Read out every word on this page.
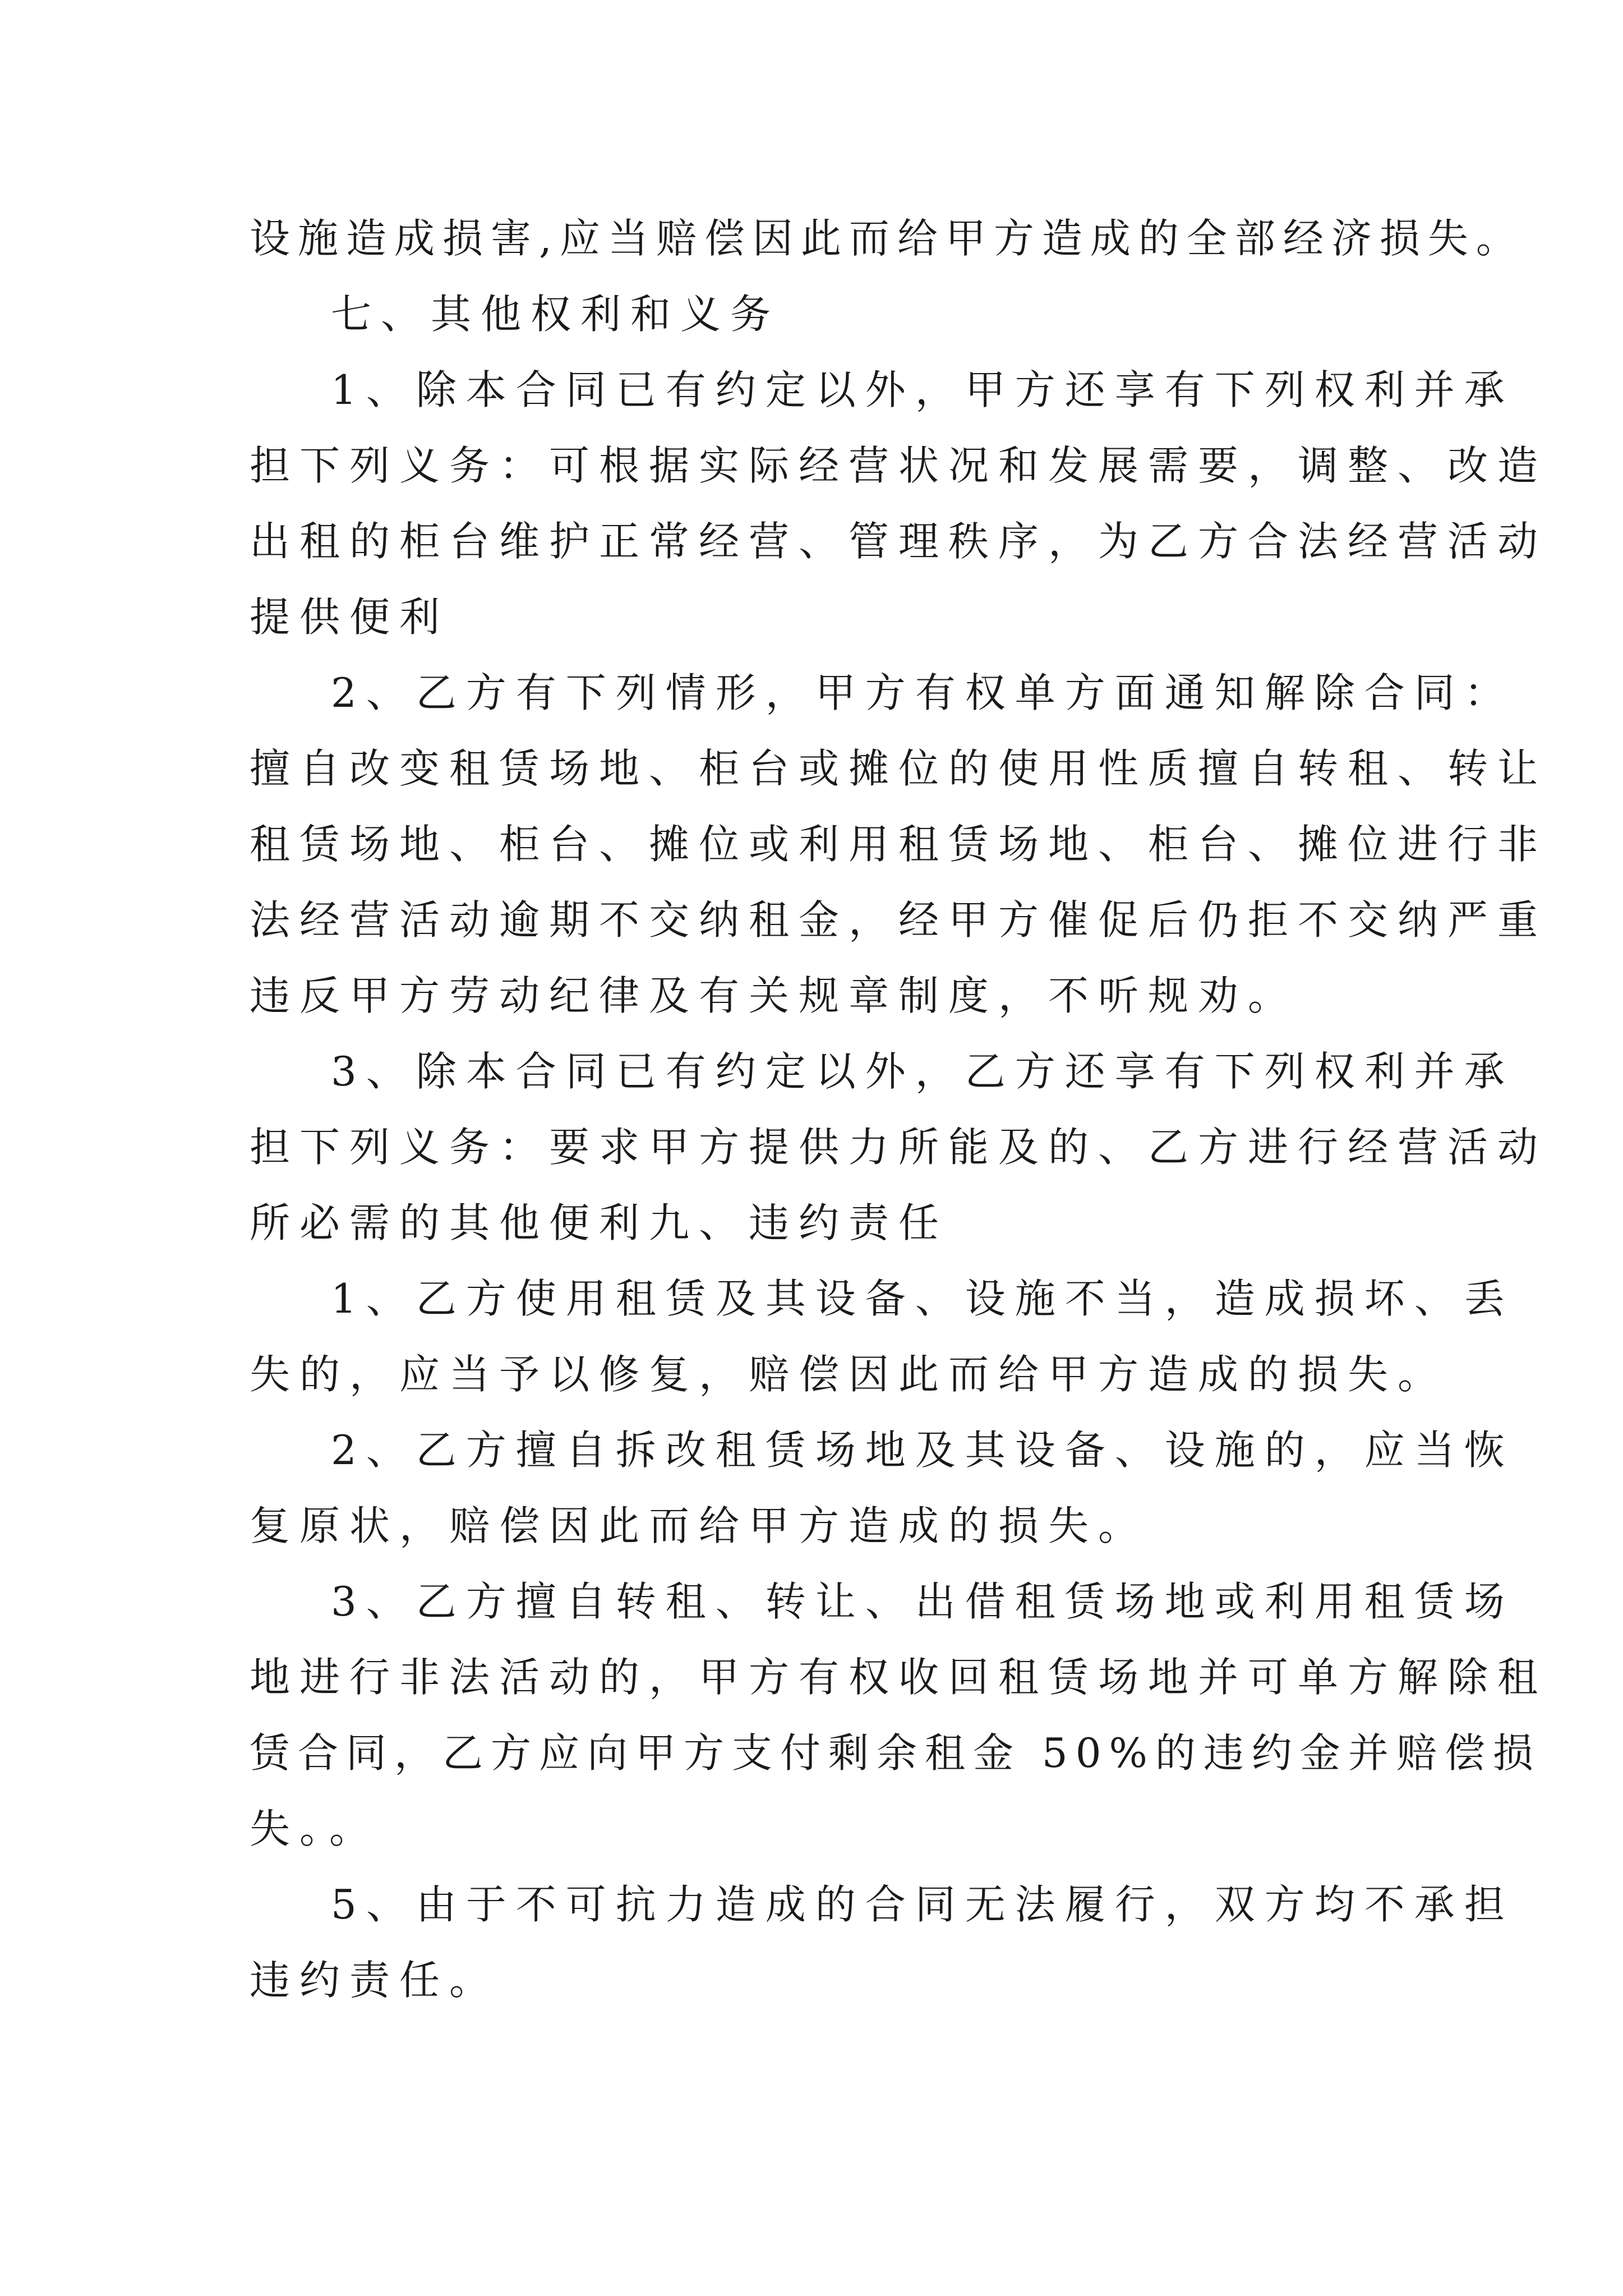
设施造成损害,应当赔偿因此而给甲方造成的全部经济损失。

七、其他权利和义务

1、除本合同已有约定以外，甲方还享有下列权利并承

担下列义务：可根据实际经营状况和发展需要，调整、改造

出租的柜台维护正常经营、管理秩序，为乙方合法经营活动

提供便利

2、乙方有下列情形，甲方有权单方面通知解除合同：

擅自改变租赁场地、柜台或摊位的使用性质擅自转租、转让

租赁场地、柜台、摊位或利用租赁场地、柜台、摊位进行非

法经营活动逾期不交纳租金，经甲方催促后仍拒不交纳严重

违反甲方劳动纪律及有关规章制度，不听规劝。

3、除本合同已有约定以外，乙方还享有下列权利并承

担下列义务：要求甲方提供力所能及的、乙方进行经营活动

所必需的其他便利九、违约责任

1、乙方使用租赁及其设备、设施不当，造成损坏、丢

失的，应当予以修复，赔偿因此而给甲方造成的损失。

2、乙方擅自拆改租赁场地及其设备、设施的，应当恢

复原状，赔偿因此而给甲方造成的损失。

3、乙方擅自转租、转让、出借租赁场地或利用租赁场

地进行非法活动的，甲方有权收回租赁场地并可单方解除租

赁合同，乙方应向甲方支付剩余租金 50%的违约金并赔偿损

失。。

5、由于不可抗力造成的合同无法履行，双方均不承担

违约责任。
